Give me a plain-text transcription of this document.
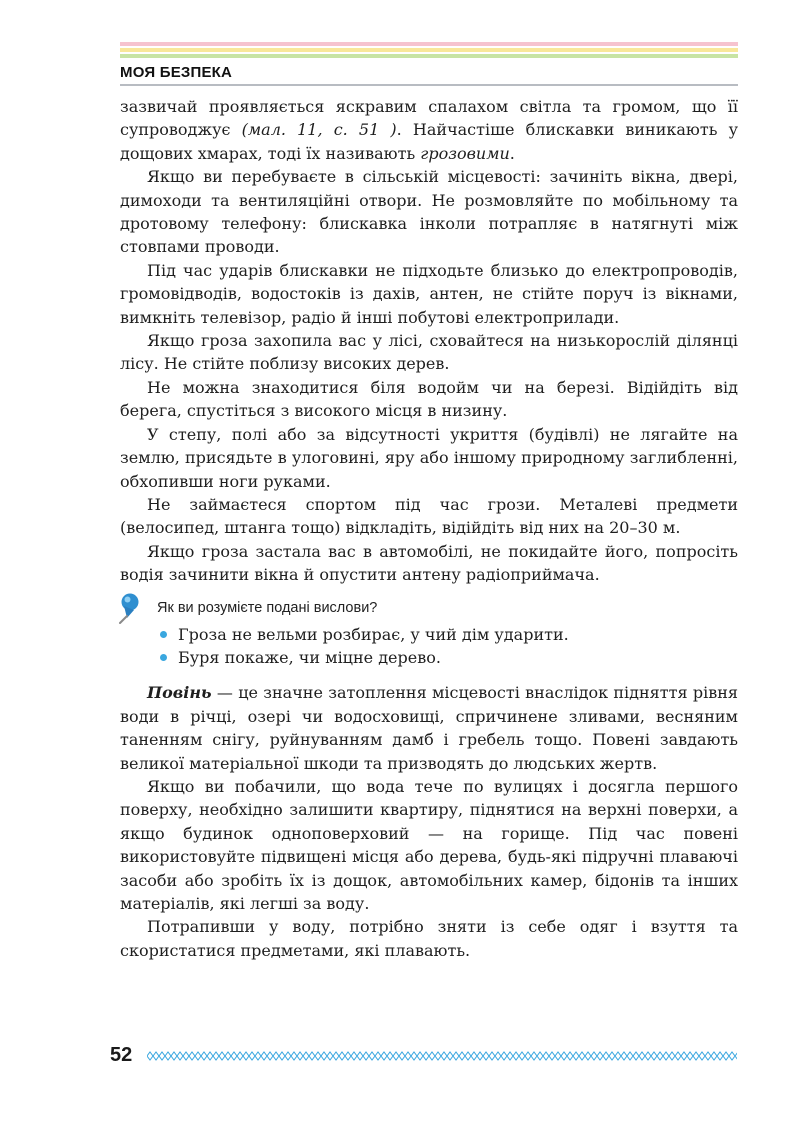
МОЯ БЕЗПЕКА

зазвичай проявляється яскравим спалахом світла та громом, що її супроводжує (мал. 11, с. 51 ). Найчастіше блискавки виникають у дощових хмарах, тоді їх називають грозовими.

Якщо ви перебуваєте в сільській місцевості: зачиніть вікна, двері, димоходи та вентиляційні отвори. Не розмовляйте по мобільному та дротовому телефону: блискавка інколи потрапляє в натягнуті між стовпами проводи.

Під час ударів блискавки не підходьте близько до електропроводів, громовідводів, водостоків із дахів, антен, не стійте поруч із вікнами, вимкніть телевізор, радіо й інші побутові електроприлади.

Якщо гроза захопила вас у лісі, сховайтеся на низькорослій ділянці лісу. Не стійте поблизу високих дерев.

Не можна знаходитися біля водойм чи на березі. Відійдіть від берега, спустіться з високого місця в низину.

У степу, полі або за відсутності укриття (будівлі) не лягайте на землю, присядьте в улоговині, яру або іншому природному заглибленні, обхопивши ноги руками.

Не займаєтеся спортом під час грози. Металеві предмети (велосипед, штанга тощо) відкладіть, відійдіть від них на 20–30 м.

Якщо гроза застала вас в автомобілі, не покидайте його, попросіть водія зачинити вікна й опустити антену радіоприймача.

Як ви розумієте подані вислови?
Гроза не вельми розбирає, у чий дім ударити.
Буря покаже, чи міцне дерево.

Повінь — це значне затоплення місцевості внаслідок підняття рівня води в річці, озері чи водосховищі, спричинене зливами, весняним таненням снігу, руйнуванням дамб і гребель тощо. Повені завдають великої матеріальної шкоди та призводять до людських жертв.

Якщо ви побачили, що вода тече по вулицях і досягла першого поверху, необхідно залишити квартиру, піднятися на верхні поверхи, а якщо будинок одноповерховий — на горище. Під час повені використовуйте підвищені місця або дерева, будь-які підручні плаваючі засоби або зробіть їх із дощок, автомобільних камер, бідонів та інших матеріалів, які легші за воду.

Потрапивши у воду, потрібно зняти із себе одяг і взуття та скористатися предметами, які плавають.

52
